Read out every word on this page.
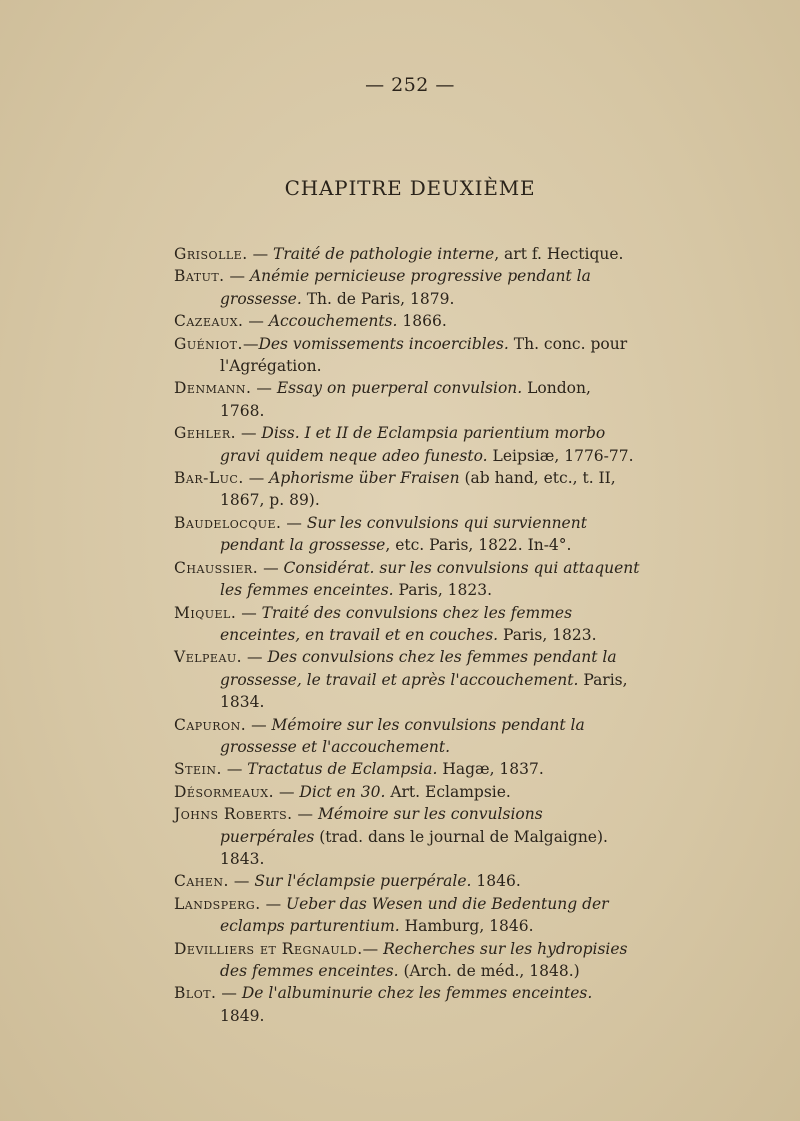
— 252 —
CHAPITRE DEUXIÈME
Grisolle. — Traité de pathologie interne, art f. Hectique.
Batut. — Anémie pernicieuse progressive pendant la grossesse. Th. de Paris, 1879.
Cazeaux. — Accouchements. 1866.
Guéniot.—Des vomissements incoercibles. Th. conc. pour l'Agrégation.
Denmann. — Essay on puerperal convulsion. London, 1768.
Gehler. — Diss. I et II de Eclampsia parientium morbo gravi quidem neque adeo funesto. Leipsiæ, 1776-77.
Bar-Luc. — Aphorisme über Fraisen (ab hand, etc., t. II, 1867, p. 89).
Baudelocque. — Sur les convulsions qui surviennent pendant la grossesse, etc. Paris, 1822. In-4°.
Chaussier. — Considérat. sur les convulsions qui attaquent les femmes enceintes. Paris, 1823.
Miquel. — Traité des convulsions chez les femmes enceintes, en travail et en couches. Paris, 1823.
Velpeau. — Des convulsions chez les femmes pendant la grossesse, le travail et après l'accouchement. Paris, 1834.
Capuron. — Mémoire sur les convulsions pendant la grossesse et l'accouchement.
Stein. — Tractatus de Eclampsia. Hagæ, 1837.
Désormeaux. — Dict en 30. Art. Eclampsie.
Johns Roberts. — Mémoire sur les convulsions puerpérales (trad. dans le journal de Malgaigne). 1843.
Cahen. — Sur l'éclampsie puerpérale. 1846.
Landsperg. — Ueber das Wesen und die Bedentung der eclamps parturentium. Hamburg, 1846.
Devilliers et Regnauld.— Recherches sur les hydropisies des femmes enceintes. (Arch. de méd., 1848.)
Blot. — De l'albuminurie chez les femmes enceintes. 1849.
